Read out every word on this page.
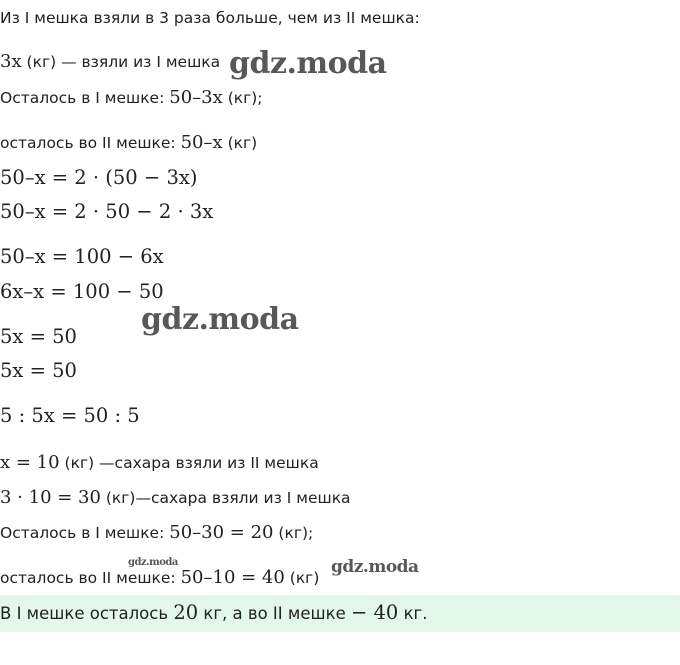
Из I мешка взяли в 3 раза больше, чем из II мешка:
3x (кг) — взяли из I мешка
Осталось в I мешке: 50–3x (кг);
осталось во II мешке: 50–x (кг)
50–x = 2 · (50 − 3x)
50–x = 2 · 50 − 2 · 3x
50–x = 100 − 6x
6x–x = 100 − 50
5x = 50
5x = 50
5 : 5x = 50 : 5
x = 10 (кг) —сахара взяли из II мешка
3 · 10 = 30 (кг)—сахара взяли из I мешка
Осталось в I мешке: 50–30 = 20 (кг);
осталось во II мешке: 50–10 = 40 (кг)
В I мешке осталось 20 кг, а во II мешке − 40 кг.
gdz.moda
gdz.moda
gdz.moda	gdz.moda
